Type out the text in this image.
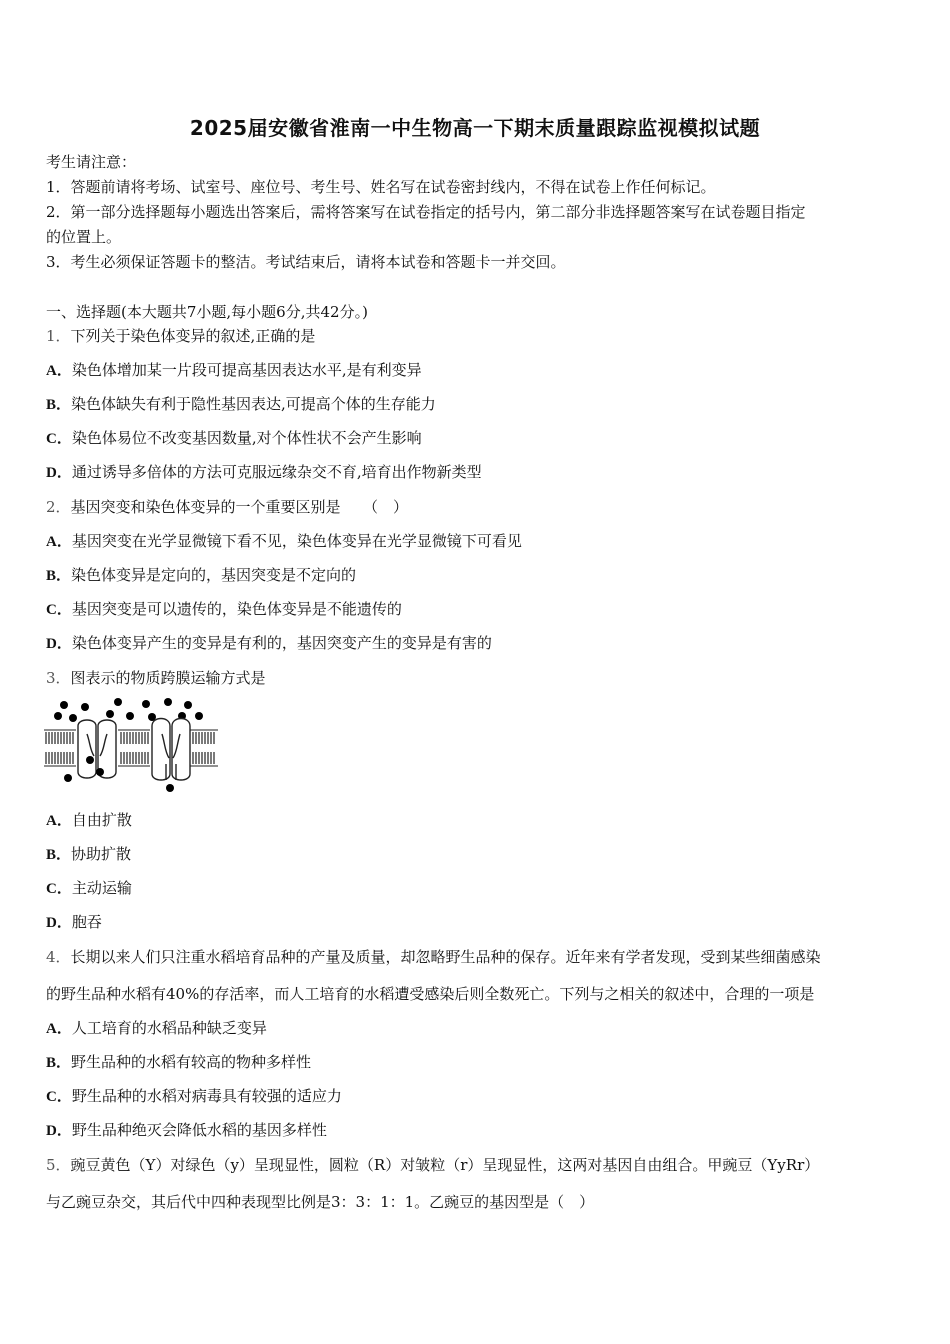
2025届安徽省淮南一中生物高一下期末质量跟踪监视模拟试题
考生请注意：
1．答题前请将考场、试室号、座位号、考生号、姓名写在试卷密封线内，不得在试卷上作任何标记。
2．第一部分选择题每小题选出答案后，需将答案写在试卷指定的括号内，第二部分非选择题答案写在试卷题目指定
的位置上。
3．考生必须保证答题卡的整洁。考试结束后，请将本试卷和答题卡一并交回。
一、选择题(本大题共7小题,每小题6分,共42分。)
1．下列关于染色体变异的叙述,正确的是
A．染色体增加某一片段可提高基因表达水平,是有利变异
B．染色体缺失有利于隐性基因表达,可提高个体的生存能力
C．染色体易位不改变基因数量,对个体性状不会产生影响
D．通过诱导多倍体的方法可克服远缘杂交不育,培育出作物新类型
2．基因突变和染色体变异的一个重要区别是　　（　）
A．基因突变在光学显微镜下看不见，染色体变异在光学显微镜下可看见
B．染色体变异是定向的，基因突变是不定向的
C．基因突变是可以遗传的，染色体变异是不能遗传的
D．染色体变异产生的变异是有利的，基因突变产生的变异是有害的
3．图表示的物质跨膜运输方式是
A．自由扩散
B．协助扩散
C．主动运输
D．胞吞
4．长期以来人们只注重水稻培育品种的产量及质量，却忽略野生品种的保存。近年来有学者发现，受到某些细菌感染
的野生品种水稻有40%的存活率，而人工培育的水稻遭受感染后则全数死亡。下列与之相关的叙述中，合理的一项是
A．人工培育的水稻品种缺乏变异
B．野生品种的水稻有较高的物种多样性
C．野生品种的水稻对病毒具有较强的适应力
D．野生品种绝灭会降低水稻的基因多样性
5．豌豆黄色（Y）对绿色（y）呈现显性，圆粒（R）对皱粒（r）呈现显性，这两对基因自由组合。甲豌豆（YyRr）
与乙豌豆杂交，其后代中四种表现型比例是3：3：1：1。乙豌豆的基因型是（　）
